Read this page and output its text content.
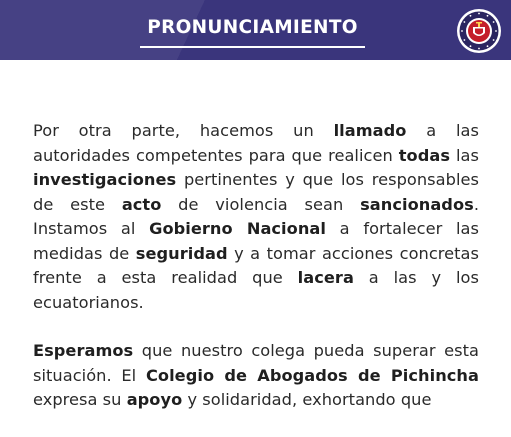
PRONUNCIAMIENTO

Por otra parte, hacemos un llamado a las autoridades competentes para que realicen todas las investigaciones pertinentes y que los responsables de este acto de violencia sean sancionados. Instamos al Gobierno Nacional a fortalecer las medidas de seguridad y a tomar acciones concretas frente a esta realidad que lacera a las y los ecuatorianos.

Esperamos que nuestro colega pueda superar esta situación. El Colegio de Abogados de Pichincha expresa su apoyo y solidaridad, exhortando que
